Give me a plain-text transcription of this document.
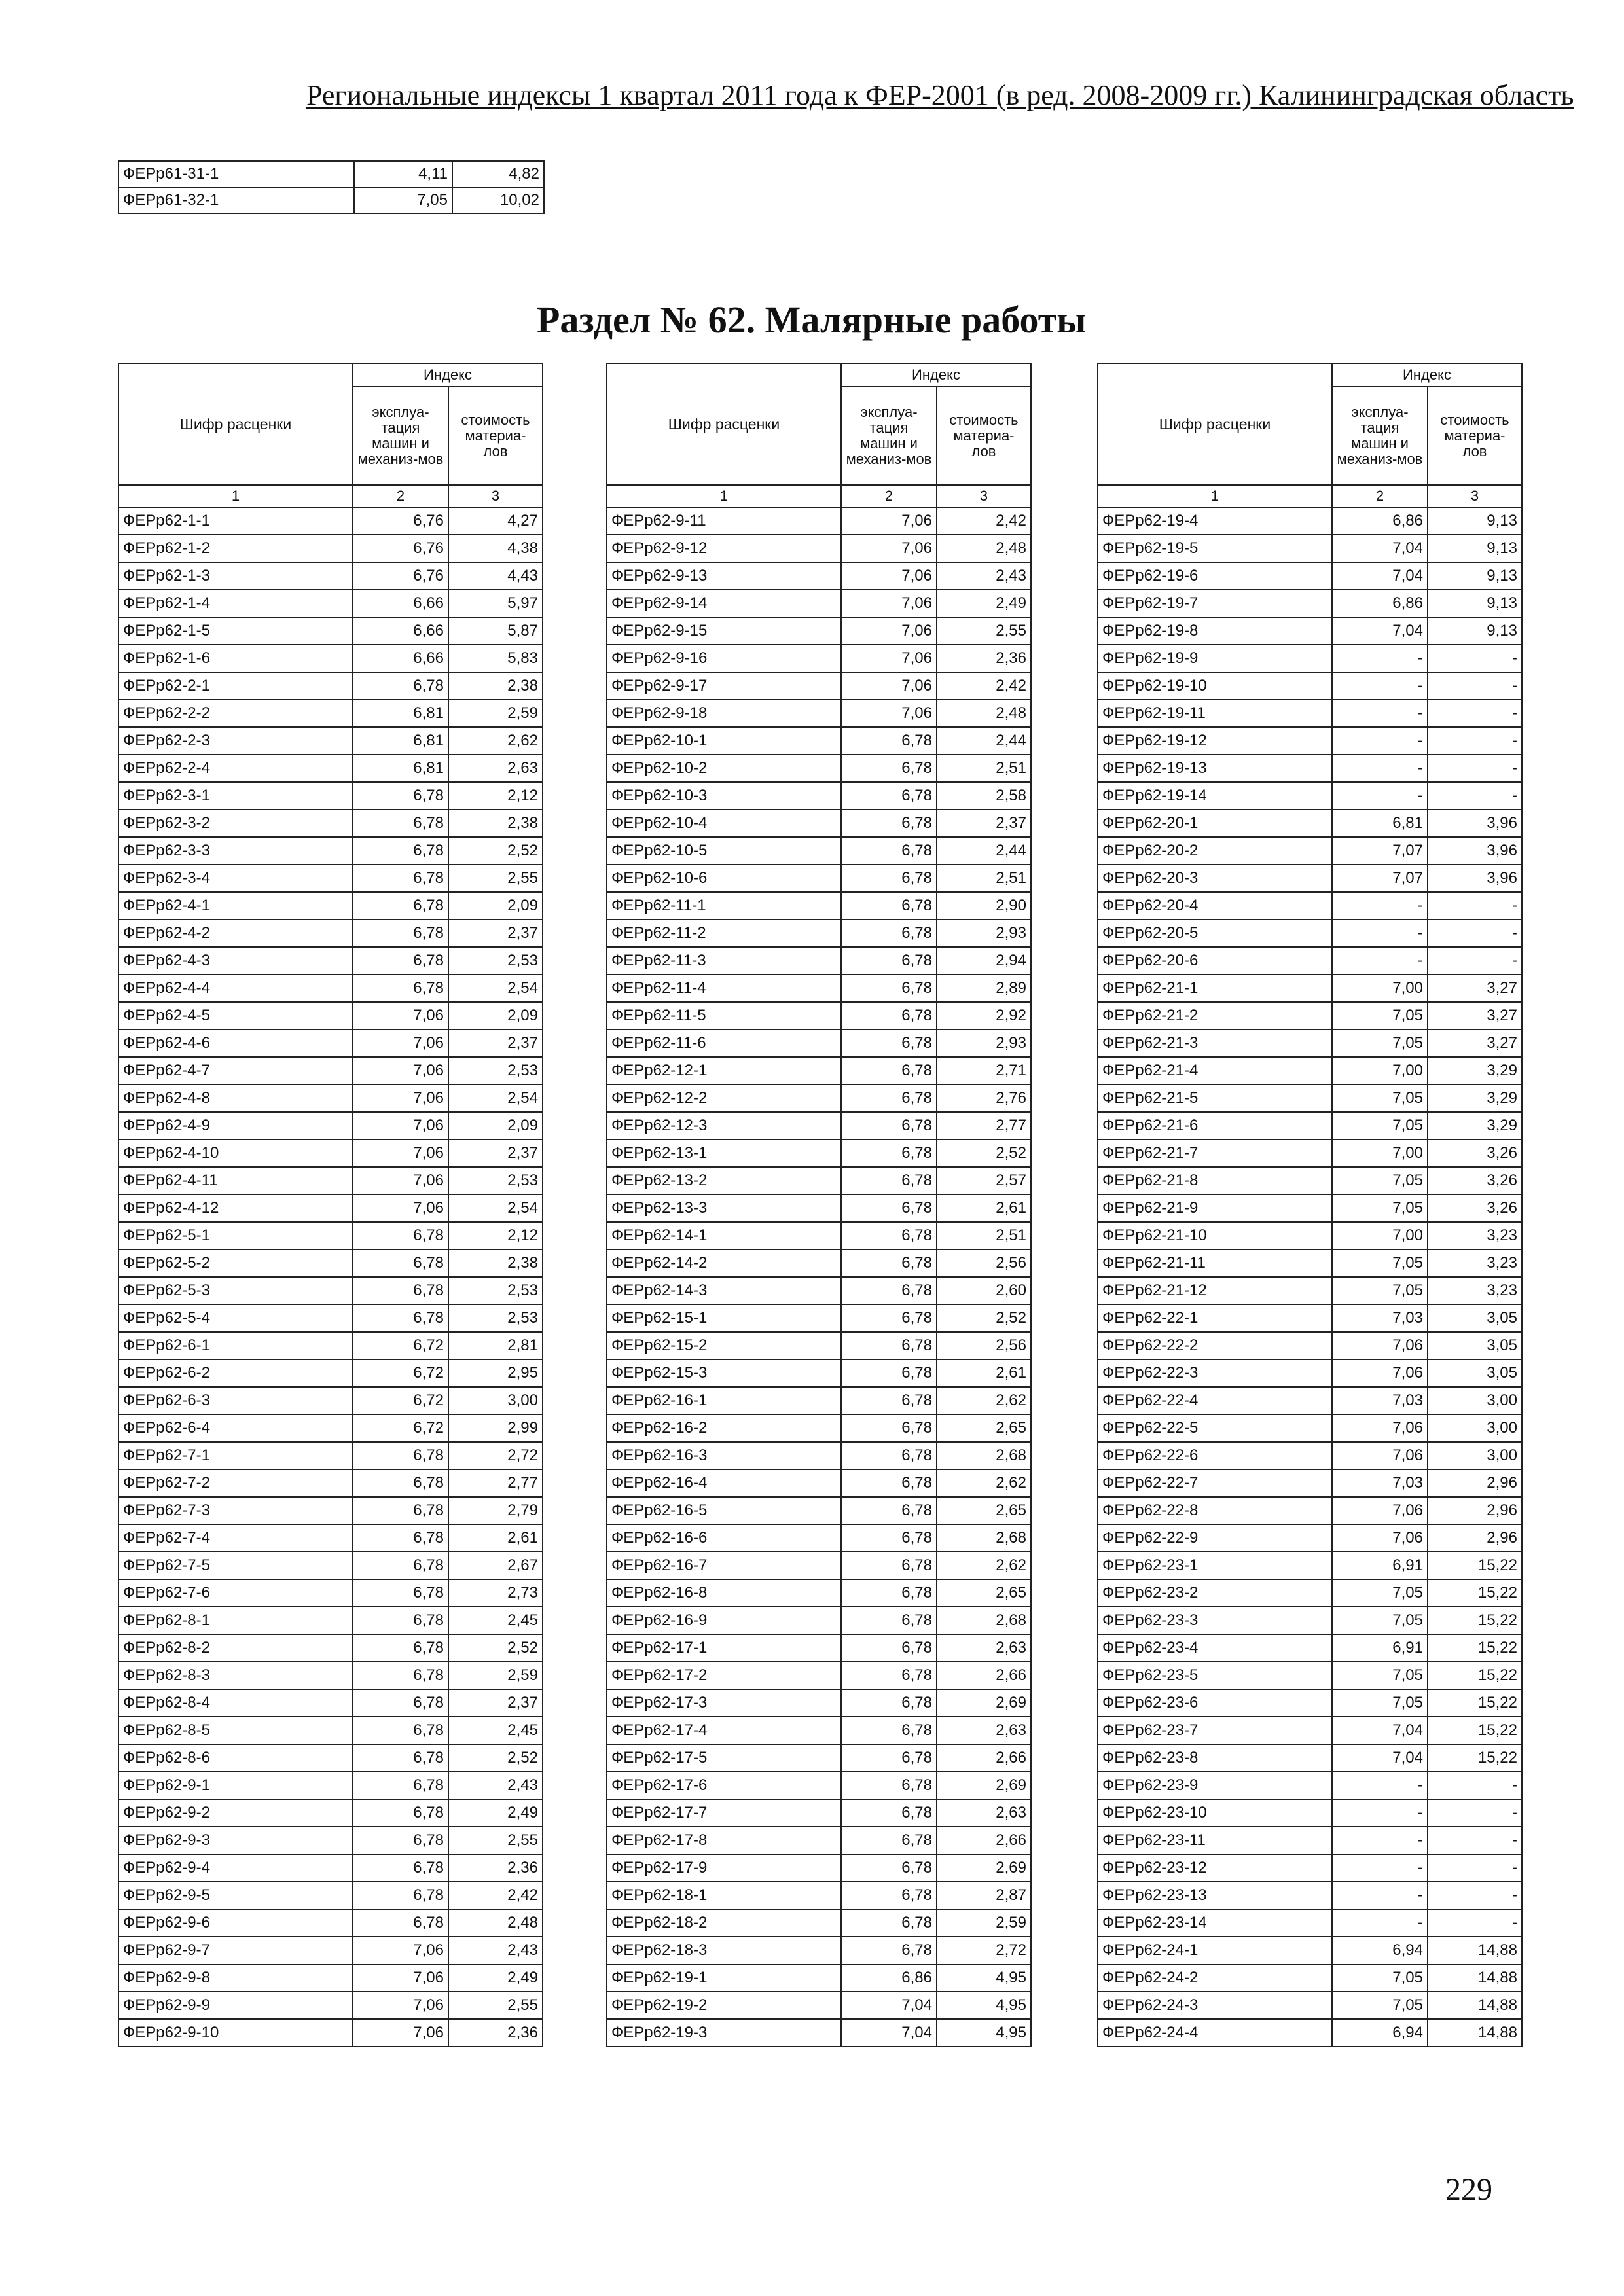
Региональные индексы 1 квартал 2011 года к ФЕР-2001 (в ред. 2008-2009 гг.) Калининградская область
ФЕРр61-31-1	4,11	4,82
ФЕРр61-32-1	7,05	10,02
Раздел № 62. Малярные работы
Шифр расценки	Индекс	
	эксплуа-тация машин и механиз-мов	стоимость материа-лов
1	2	3
ФЕРр62-1-1	6,76	4,27
ФЕРр62-1-2	6,76	4,38
ФЕРр62-1-3	6,76	4,43
ФЕРр62-1-4	6,66	5,97
ФЕРр62-1-5	6,66	5,87
ФЕРр62-1-6	6,66	5,83
ФЕРр62-2-1	6,78	2,38
ФЕРр62-2-2	6,81	2,59
ФЕРр62-2-3	6,81	2,62
ФЕРр62-2-4	6,81	2,63
ФЕРр62-3-1	6,78	2,12
ФЕРр62-3-2	6,78	2,38
ФЕРр62-3-3	6,78	2,52
ФЕРр62-3-4	6,78	2,55
ФЕРр62-4-1	6,78	2,09
ФЕРр62-4-2	6,78	2,37
ФЕРр62-4-3	6,78	2,53
ФЕРр62-4-4	6,78	2,54
ФЕРр62-4-5	7,06	2,09
ФЕРр62-4-6	7,06	2,37
ФЕРр62-4-7	7,06	2,53
ФЕРр62-4-8	7,06	2,54
ФЕРр62-4-9	7,06	2,09
ФЕРр62-4-10	7,06	2,37
ФЕРр62-4-11	7,06	2,53
ФЕРр62-4-12	7,06	2,54
ФЕРр62-5-1	6,78	2,12
ФЕРр62-5-2	6,78	2,38
ФЕРр62-5-3	6,78	2,53
ФЕРр62-5-4	6,78	2,53
ФЕРр62-6-1	6,72	2,81
ФЕРр62-6-2	6,72	2,95
ФЕРр62-6-3	6,72	3,00
ФЕРр62-6-4	6,72	2,99
ФЕРр62-7-1	6,78	2,72
ФЕРр62-7-2	6,78	2,77
ФЕРр62-7-3	6,78	2,79
ФЕРр62-7-4	6,78	2,61
ФЕРр62-7-5	6,78	2,67
ФЕРр62-7-6	6,78	2,73
ФЕРр62-8-1	6,78	2,45
ФЕРр62-8-2	6,78	2,52
ФЕРр62-8-3	6,78	2,59
ФЕРр62-8-4	6,78	2,37
ФЕРр62-8-5	6,78	2,45
ФЕРр62-8-6	6,78	2,52
ФЕРр62-9-1	6,78	2,43
ФЕРр62-9-2	6,78	2,49
ФЕРр62-9-3	6,78	2,55
ФЕРр62-9-4	6,78	2,36
ФЕРр62-9-5	6,78	2,42
ФЕРр62-9-6	6,78	2,48
ФЕРр62-9-7	7,06	2,43
ФЕРр62-9-8	7,06	2,49
ФЕРр62-9-9	7,06	2,55
ФЕРр62-9-10	7,06	2,36
Шифр расценки	Индекс	
	эксплуа-тация машин и механиз-мов	стоимость материа-лов
1	2	3
ФЕРр62-9-11	7,06	2,42
ФЕРр62-9-12	7,06	2,48
ФЕРр62-9-13	7,06	2,43
ФЕРр62-9-14	7,06	2,49
ФЕРр62-9-15	7,06	2,55
ФЕРр62-9-16	7,06	2,36
ФЕРр62-9-17	7,06	2,42
ФЕРр62-9-18	7,06	2,48
ФЕРр62-10-1	6,78	2,44
ФЕРр62-10-2	6,78	2,51
ФЕРр62-10-3	6,78	2,58
ФЕРр62-10-4	6,78	2,37
ФЕРр62-10-5	6,78	2,44
ФЕРр62-10-6	6,78	2,51
ФЕРр62-11-1	6,78	2,90
ФЕРр62-11-2	6,78	2,93
ФЕРр62-11-3	6,78	2,94
ФЕРр62-11-4	6,78	2,89
ФЕРр62-11-5	6,78	2,92
ФЕРр62-11-6	6,78	2,93
ФЕРр62-12-1	6,78	2,71
ФЕРр62-12-2	6,78	2,76
ФЕРр62-12-3	6,78	2,77
ФЕРр62-13-1	6,78	2,52
ФЕРр62-13-2	6,78	2,57
ФЕРр62-13-3	6,78	2,61
ФЕРр62-14-1	6,78	2,51
ФЕРр62-14-2	6,78	2,56
ФЕРр62-14-3	6,78	2,60
ФЕРр62-15-1	6,78	2,52
ФЕРр62-15-2	6,78	2,56
ФЕРр62-15-3	6,78	2,61
ФЕРр62-16-1	6,78	2,62
ФЕРр62-16-2	6,78	2,65
ФЕРр62-16-3	6,78	2,68
ФЕРр62-16-4	6,78	2,62
ФЕРр62-16-5	6,78	2,65
ФЕРр62-16-6	6,78	2,68
ФЕРр62-16-7	6,78	2,62
ФЕРр62-16-8	6,78	2,65
ФЕРр62-16-9	6,78	2,68
ФЕРр62-17-1	6,78	2,63
ФЕРр62-17-2	6,78	2,66
ФЕРр62-17-3	6,78	2,69
ФЕРр62-17-4	6,78	2,63
ФЕРр62-17-5	6,78	2,66
ФЕРр62-17-6	6,78	2,69
ФЕРр62-17-7	6,78	2,63
ФЕРр62-17-8	6,78	2,66
ФЕРр62-17-9	6,78	2,69
ФЕРр62-18-1	6,78	2,87
ФЕРр62-18-2	6,78	2,59
ФЕРр62-18-3	6,78	2,72
ФЕРр62-19-1	6,86	4,95
ФЕРр62-19-2	7,04	4,95
ФЕРр62-19-3	7,04	4,95
Шифр расценки	Индекс	
	эксплуа-тация машин и механиз-мов	стоимость материа-лов
1	2	3
ФЕРр62-19-4	6,86	9,13
ФЕРр62-19-5	7,04	9,13
ФЕРр62-19-6	7,04	9,13
ФЕРр62-19-7	6,86	9,13
ФЕРр62-19-8	7,04	9,13
ФЕРр62-19-9	-	-
ФЕРр62-19-10	-	-
ФЕРр62-19-11	-	-
ФЕРр62-19-12	-	-
ФЕРр62-19-13	-	-
ФЕРр62-19-14	-	-
ФЕРр62-20-1	6,81	3,96
ФЕРр62-20-2	7,07	3,96
ФЕРр62-20-3	7,07	3,96
ФЕРр62-20-4	-	-
ФЕРр62-20-5	-	-
ФЕРр62-20-6	-	-
ФЕРр62-21-1	7,00	3,27
ФЕРр62-21-2	7,05	3,27
ФЕРр62-21-3	7,05	3,27
ФЕРр62-21-4	7,00	3,29
ФЕРр62-21-5	7,05	3,29
ФЕРр62-21-6	7,05	3,29
ФЕРр62-21-7	7,00	3,26
ФЕРр62-21-8	7,05	3,26
ФЕРр62-21-9	7,05	3,26
ФЕРр62-21-10	7,00	3,23
ФЕРр62-21-11	7,05	3,23
ФЕРр62-21-12	7,05	3,23
ФЕРр62-22-1	7,03	3,05
ФЕРр62-22-2	7,06	3,05
ФЕРр62-22-3	7,06	3,05
ФЕРр62-22-4	7,03	3,00
ФЕРр62-22-5	7,06	3,00
ФЕРр62-22-6	7,06	3,00
ФЕРр62-22-7	7,03	2,96
ФЕРр62-22-8	7,06	2,96
ФЕРр62-22-9	7,06	2,96
ФЕРр62-23-1	6,91	15,22
ФЕРр62-23-2	7,05	15,22
ФЕРр62-23-3	7,05	15,22
ФЕРр62-23-4	6,91	15,22
ФЕРр62-23-5	7,05	15,22
ФЕРр62-23-6	7,05	15,22
ФЕРр62-23-7	7,04	15,22
ФЕРр62-23-8	7,04	15,22
ФЕРр62-23-9	-	-
ФЕРр62-23-10	-	-
ФЕРр62-23-11	-	-
ФЕРр62-23-12	-	-
ФЕРр62-23-13	-	-
ФЕРр62-23-14	-	-
ФЕРр62-24-1	6,94	14,88
ФЕРр62-24-2	7,05	14,88
ФЕРр62-24-3	7,05	14,88
ФЕРр62-24-4	6,94	14,88
229
